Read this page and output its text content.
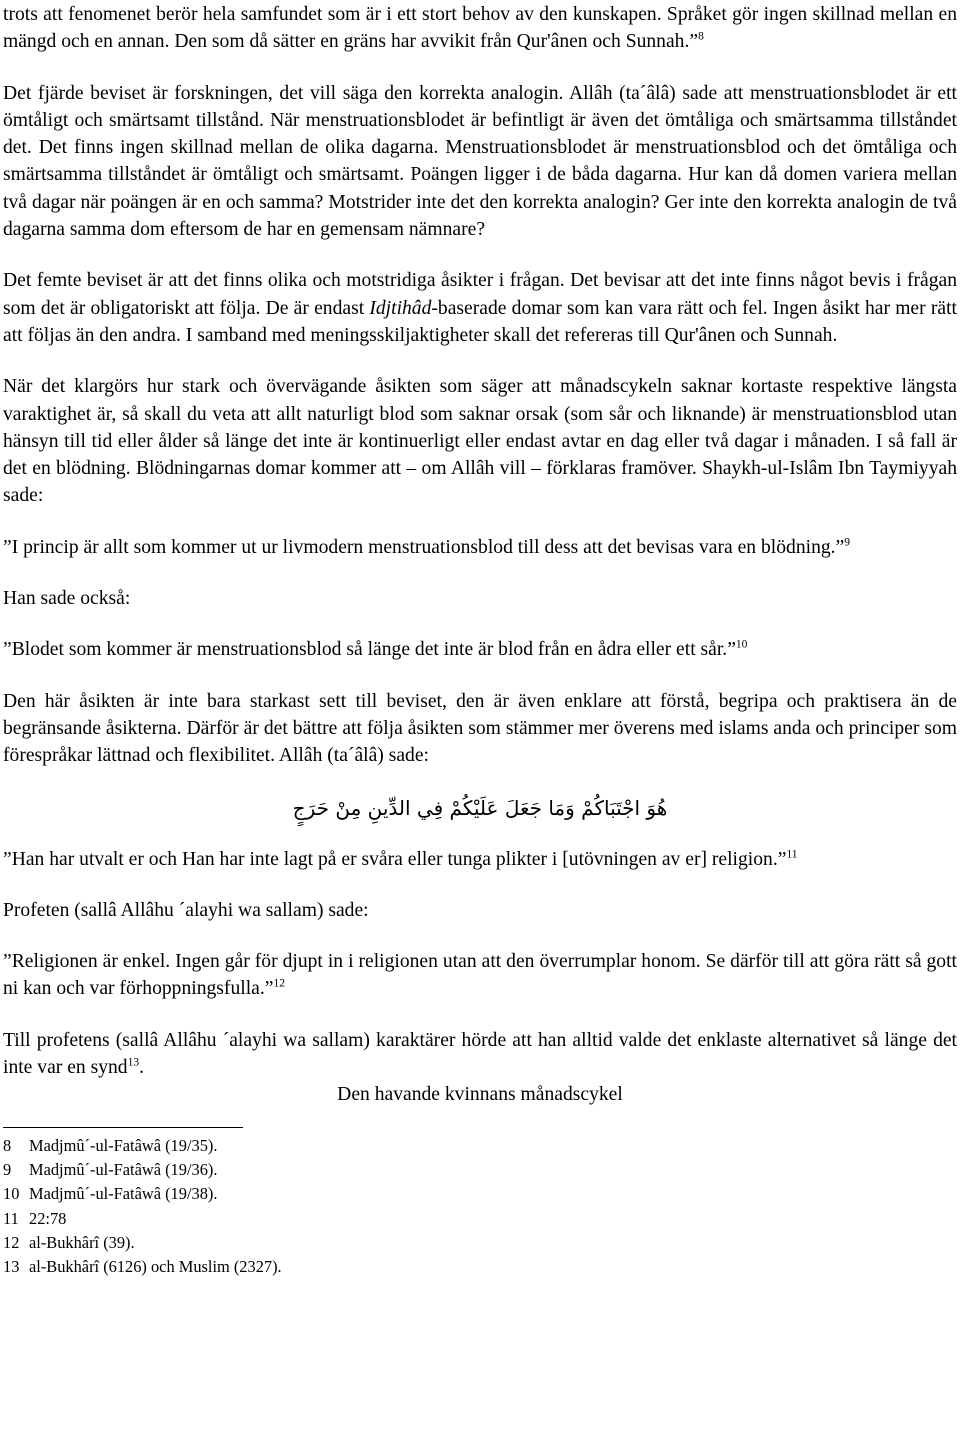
trots att fenomenet berör hela samfundet som är i ett stort behov av den kunskapen. Språket gör ingen skillnad mellan en mängd och en annan. Den som då sätter en gräns har avvikit från Qur'ânen och Sunnah.”$^8$

Det fjärde beviset är forskningen, det vill säga den korrekta analogin. Allâh (ta´âlâ) sade att menstruationsblodet är ett ömtåligt och smärtsamt tillstånd. När menstruationsblodet är befintligt är även det ömtåliga och smärtsamma tillståndet det. Det finns ingen skillnad mellan de olika dagarna. Menstruationsblodet är menstruationsblod och det ömtåliga och smärtsamma tillståndet är ömtåligt och smärtsamt. Poängen ligger i de båda dagarna. Hur kan då domen variera mellan två dagar när poängen är en och samma? Motstrider inte det den korrekta analogin? Ger inte den korrekta analogin de två dagarna samma dom eftersom de har en gemensam nämnare?

Det femte beviset är att det finns olika och motstridiga åsikter i frågan. Det bevisar att det inte finns något bevis i frågan som det är obligatoriskt att följa. De är endast Idjtihâd-baserade domar som kan vara rätt och fel. Ingen åsikt har mer rätt att följas än den andra. I samband med meningsskiljaktigheter skall det refereras till Qur'ânen och Sunnah.

När det klargörs hur stark och övervägande åsikten som säger att månadscykeln saknar kortaste respektive längsta varaktighet är, så skall du veta att allt naturligt blod som saknar orsak (som sår och liknande) är menstruationsblod utan hänsyn till tid eller ålder så länge det inte är kontinuerligt eller endast avtar en dag eller två dagar i månaden. I så fall är det en blödning. Blödningarnas domar kommer att – om Allâh vill – förklaras framöver. Shaykh-ul-Islâm Ibn Taymiyyah sade:

”I princip är allt som kommer ut ur livmodern menstruationsblod till dess att det bevisas vara en blödning.”$^9$

Han sade också:

”Blodet som kommer är menstruationsblod så länge det inte är blod från en ådra eller ett sår.”$^{10}$

Den här åsikten är inte bara starkast sett till beviset, den är även enklare att förstå, begripa och praktisera än de begränsande åsikterna. Därför är det bättre att följa åsikten som stämmer mer överens med islams anda och principer som förespråkar lättnad och flexibilitet. Allâh (ta´âlâ) sade:

هُوَ اجْتَبَاكُمْ وَمَا جَعَلَ عَلَيْكُمْ فِي الدِّينِ مِنْ حَرَجٍ

”Han har utvalt er och Han har inte lagt på er svåra eller tunga plikter i [utövningen av er] religion.”$^{11}$

Profeten (sallâ Allâhu ´alayhi wa sallam) sade:

”Religionen är enkel. Ingen går för djupt in i religionen utan att den överrumplar honom. Se därför till att göra rätt så gott ni kan och var förhoppningsfulla.”$^{12}$

Till profetens (sallâ Allâhu ´alayhi wa sallam) karaktärer hörde att han alltid valde det enklaste alternativet så länge det inte var en synd$^{13}$.

Den havande kvinnans månadscykel

8 Madjmû´-ul-Fatâwâ (19/35).
9 Madjmû´-ul-Fatâwâ (19/36).
10 Madjmû´-ul-Fatâwâ (19/38).
11 22:78
12 al-Bukhârî (39).
13 al-Bukhârî (6126) och Muslim (2327).
